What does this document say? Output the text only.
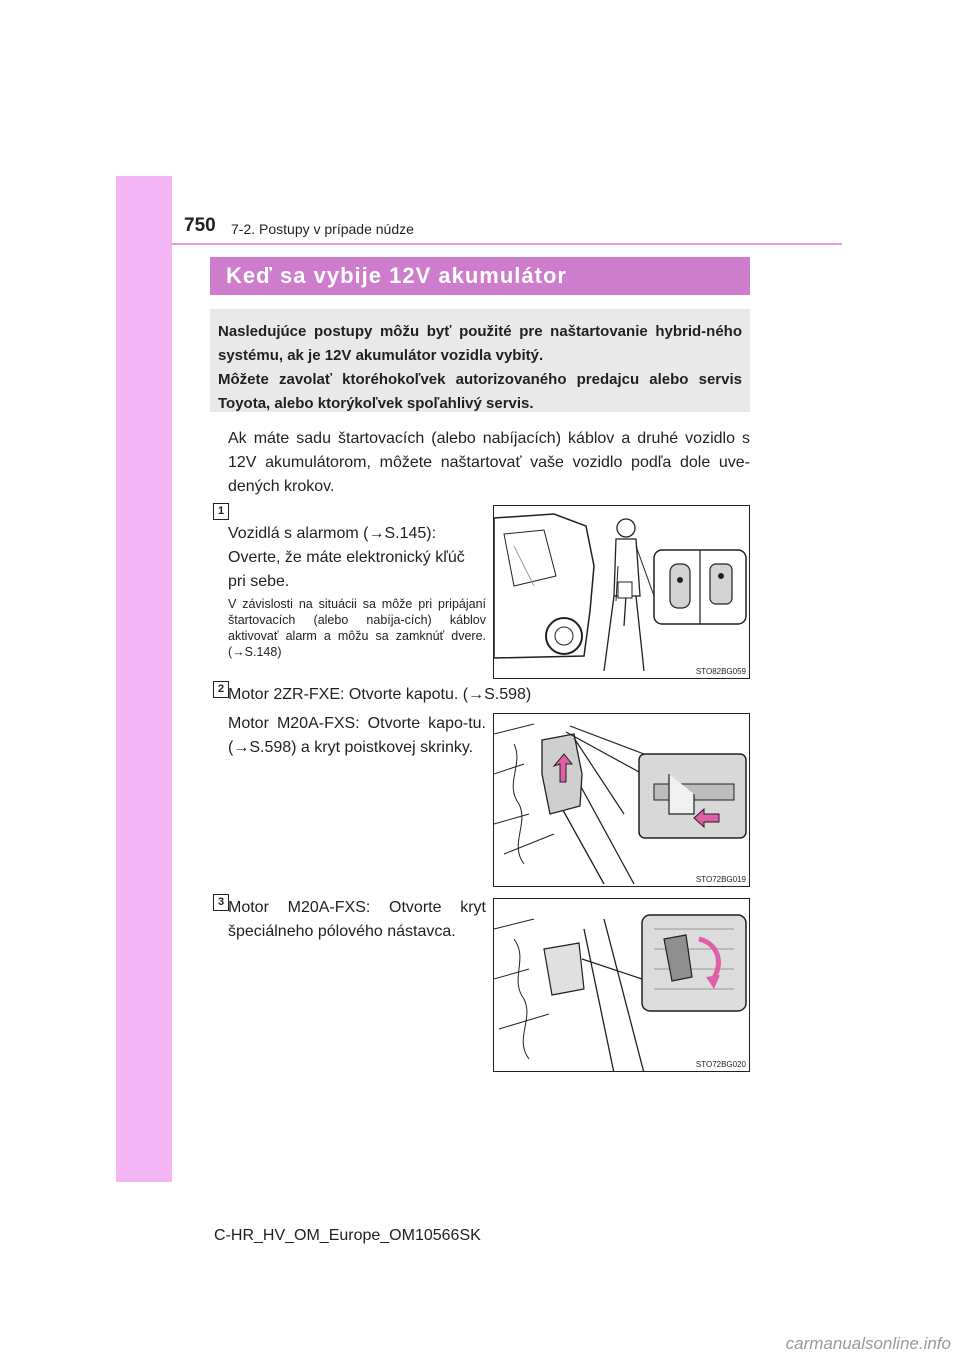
750 7-2. Postupy v prípade núdze
Keď sa vybije 12V akumulátor

Nasledujúce postupy môžu byť použité pre naštartovanie hybrid-ného systému, ak je 12V akumulátor vozidla vybitý.

Môžete zavolať ktoréhokoľvek autorizovaného predajcu alebo servis Toyota, alebo ktorýkoľvek spoľahlivý servis.

Ak máte sadu štartovacích (alebo nabíjacích) káblov a druhé vozidlo s 12V akumulátorom, môžete naštartovať vaše vozidlo podľa dole uve-dených krokov.

1

Vozidlá s alarmom (→S.145): Overte, že máte elektronický kľúč pri sebe.

V závislosti na situácii sa môže pri pripájaní štartovacích (alebo nabíja-cích) káblov aktivovať alarm a môžu sa zamknúť dvere. (→S.148)

STO82BG059
2 Motor 2ZR-FXE: Otvorte kapotu. (→S.598)

Motor M20A-FXS: Otvorte kapo-tu. (→S.598) a kryt poistkovej skrinky.

STO72BG019
3 Motor M20A-FXS: Otvorte kryt špeciálneho pólového nástavca.

STO72BG020
C-HR_HV_OM_Europe_OM10566SK
carmanualsonline.info
